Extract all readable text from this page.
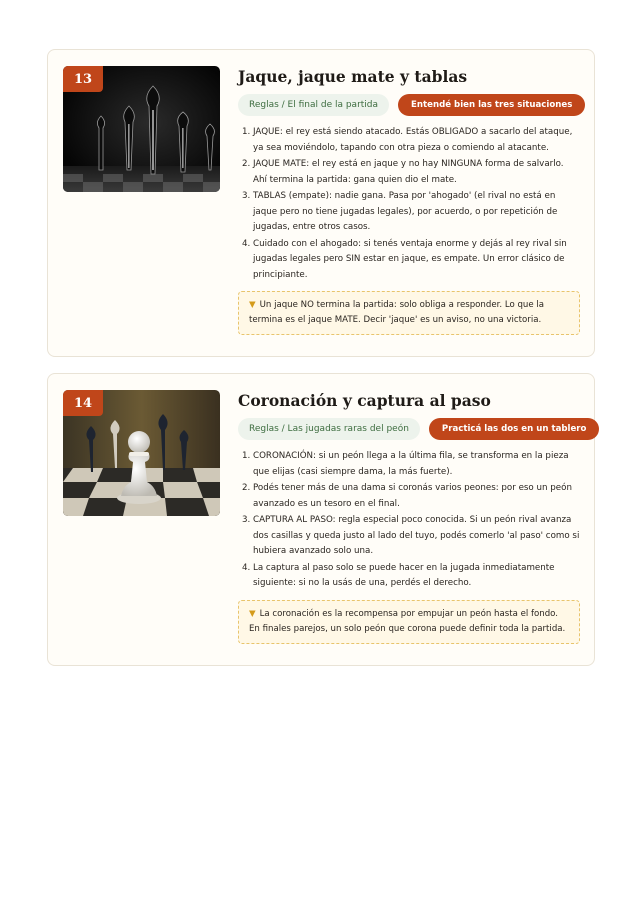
13	Jaque, jaque mate y tablas
Reglas / El final de la partida	Entendé bien las tres situaciones
1. JAQUE: el rey está siendo atacado. Estás OBLIGADO a sacarlo del ataque, ya sea moviéndolo, tapando con otra pieza o comiendo al atacante.
2. JAQUE MATE: el rey está en jaque y no hay NINGUNA forma de salvarlo. Ahí termina la partida: gana quien dio el mate.
3. TABLAS (empate): nadie gana. Pasa por 'ahogado' (el rival no está en jaque pero no tiene jugadas legales), por acuerdo, o por repetición de jugadas, entre otros casos.
4. Cuidado con el ahogado: si tenés ventaja enorme y dejás al rey rival sin jugadas legales pero SIN estar en jaque, es empate. Un error clásico de principiante.
▼ Un jaque NO termina la partida: solo obliga a responder. Lo que la termina es el jaque MATE. Decir 'jaque' es un aviso, no una victoria.
14	Coronación y captura al paso
Reglas / Las jugadas raras del peón	Practicá las dos en un tablero
1. CORONACIÓN: si un peón llega a la última fila, se transforma en la pieza que elijas (casi siempre dama, la más fuerte).
2. Podés tener más de una dama si coronás varios peones: por eso un peón avanzado es un tesoro en el final.
3. CAPTURA AL PASO: regla especial poco conocida. Si un peón rival avanza dos casillas y queda justo al lado del tuyo, podés comerlo 'al paso' como si hubiera avanzado solo una.
4. La captura al paso solo se puede hacer en la jugada inmediatamente siguiente: si no la usás de una, perdés el derecho.
▼ La coronación es la recompensa por empujar un peón hasta el fondo. En finales parejos, un solo peón que corona puede definir toda la partida.
